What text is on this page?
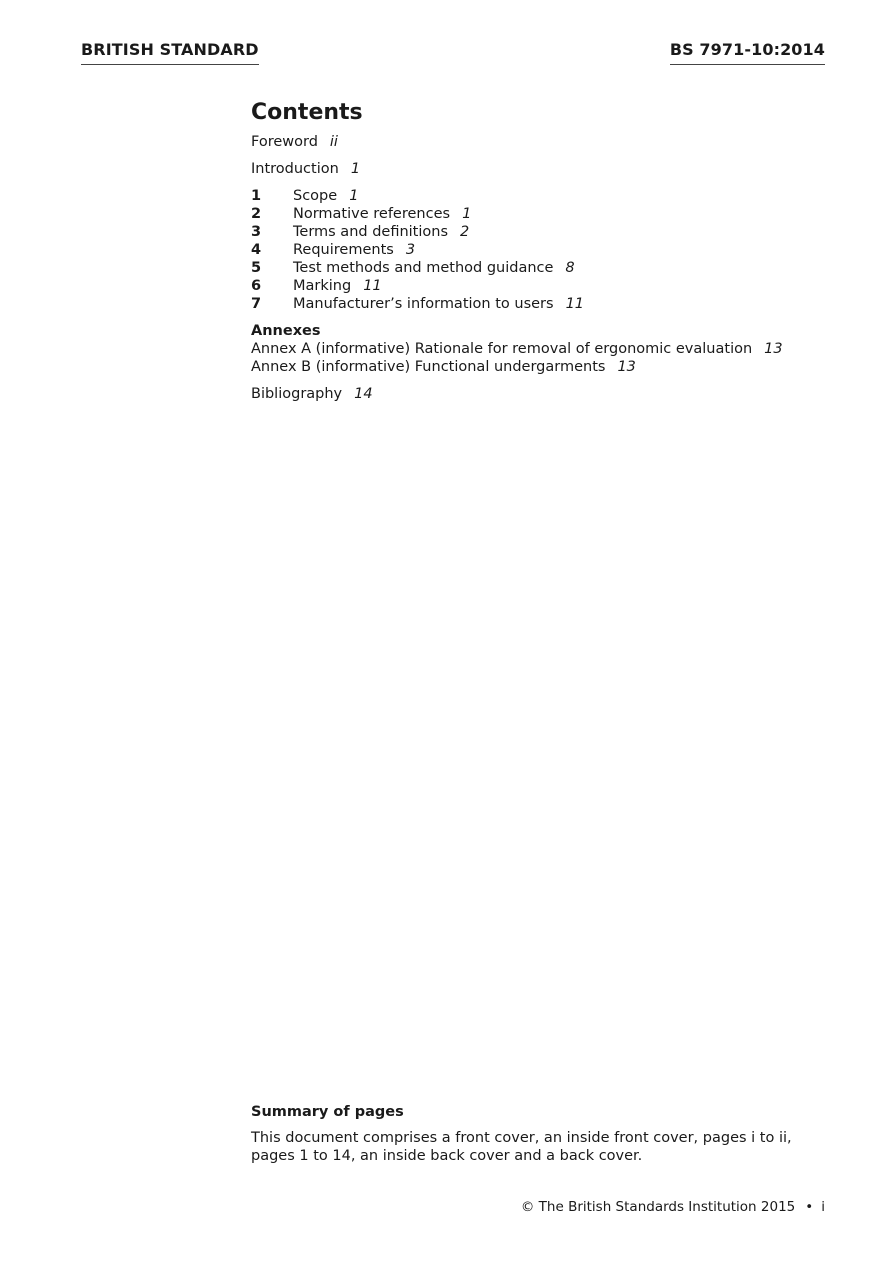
BRITISH STANDARD	BS 7971-10:2014
Contents
Foreword ii
Introduction 1
1 Scope 1
2 Normative references 1
3 Terms and definitions 2
4 Requirements 3
5 Test methods and method guidance 8
6 Marking 11
7 Manufacturer’s information to users 11
Annexes
Annex A (informative) Rationale for removal of ergonomic evaluation 13
Annex B (informative) Functional undergarments 13
Bibliography 14
Summary of pages
This document comprises a front cover, an inside front cover, pages i to ii, pages 1 to 14, an inside back cover and a back cover.
© The British Standards Institution 2015 • i
